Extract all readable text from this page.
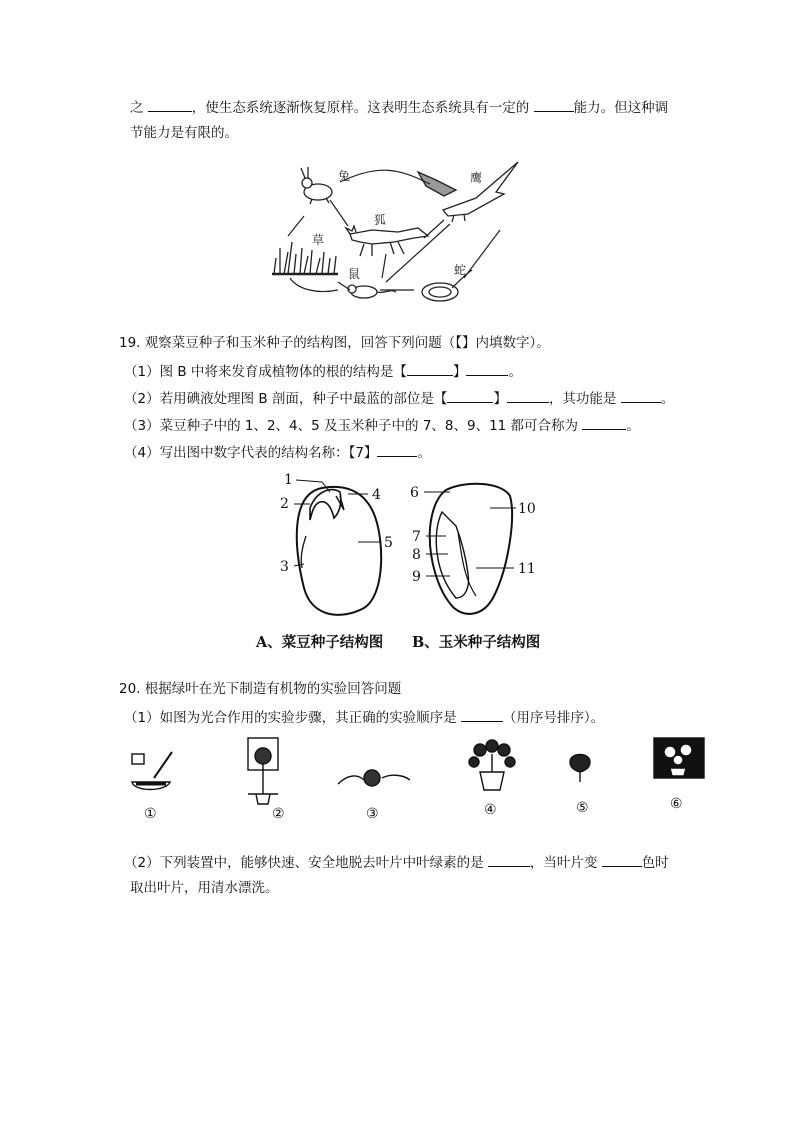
之	，使生态系统逐渐恢复原样。这表明生态系统具有一定的	能力。但这种调
节能力是有限的。
兔	鹰
狐
草
鼠	蛇
19. 观察菜豆种子和玉米种子的结构图，回答下列问题（【】内填数字）。
（1）图 B 中将来发育成植物体的根的结构是【	】	。
（2）若用碘液处理图 B 剖面，种子中最蓝的部位是【	】	，其功能是	。
（3）菜豆种子中的 1、2、4、5 及玉米种子中的 7、8、9、11 都可合称为	。
（4）写出图中数字代表的结构名称：【7】	。
1
2
4
5
3
6
10
7
8
9	11
A、菜豆种子结构图 B、玉米种子结构图
20. 根据绿叶在光下制造有机物的实验回答问题
（1）如图为光合作用的实验步骤，其正确的实验顺序是	（用序号排序）。
①	②	③	④	⑤	⑥
（2）下列装置中，能够快速、安全地脱去叶片中叶绿素的是	，当叶片变	色时
取出叶片，用清水漂洗。
